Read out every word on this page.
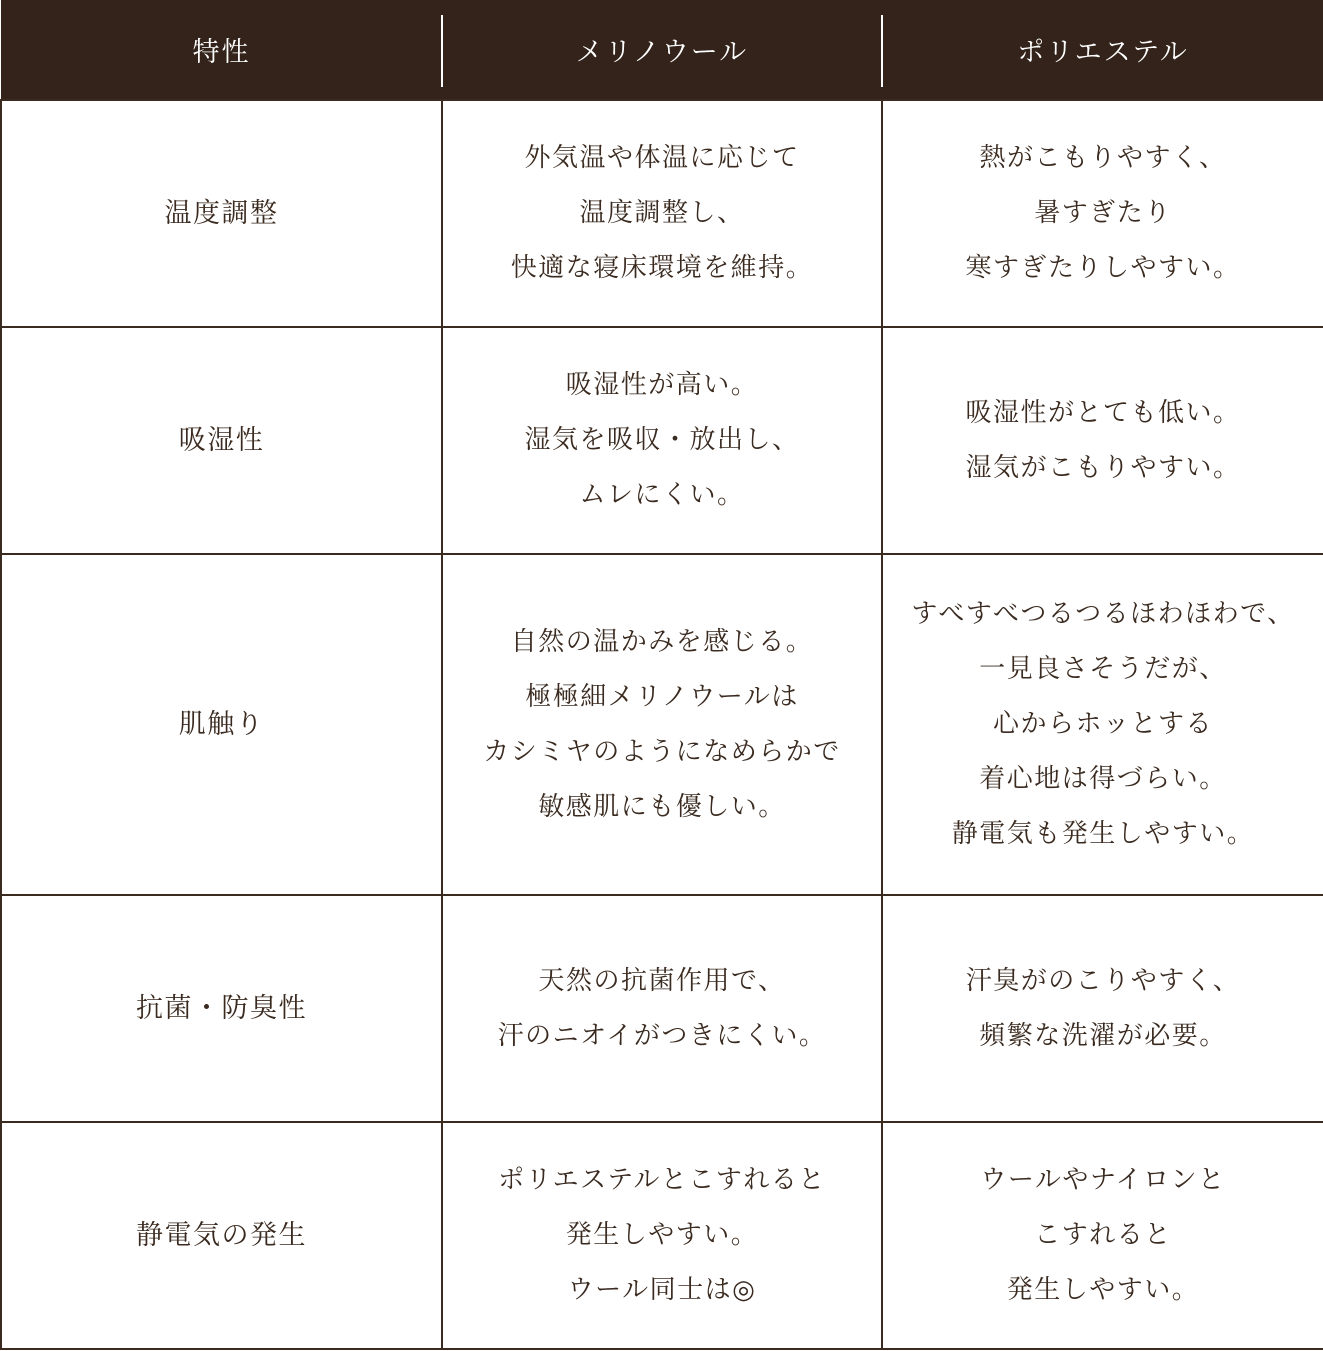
特性	メリノウール	ポリエステル
温度調整	外気温や体温に応じて
温度調整し、
快適な寝床環境を維持。	熱がこもりやすく、
暑すぎたり
寒すぎたりしやすい。

吸湿性	吸湿性が高い。
湿気を吸収・放出し、
ムレにくい。	吸湿性がとても低い。
湿気がこもりやすい。

肌触り	自然の温かみを感じる。
極極細メリノウールは
カシミヤのようになめらかで
敏感肌にも優しい。	すべすべつるつるほわほわで、
一見良さそうだが、
心からホッとする
着心地は得づらい。
静電気も発生しやすい。

抗菌・防臭性	天然の抗菌作用で、
汗のニオイがつきにくい。	汗臭がのこりやすく、
頻繁な洗濯が必要。

静電気の発生	ポリエステルとこすれると
発生しやすい。
ウール同士は◎	ウールやナイロンと
こすれると
発生しやすい。
